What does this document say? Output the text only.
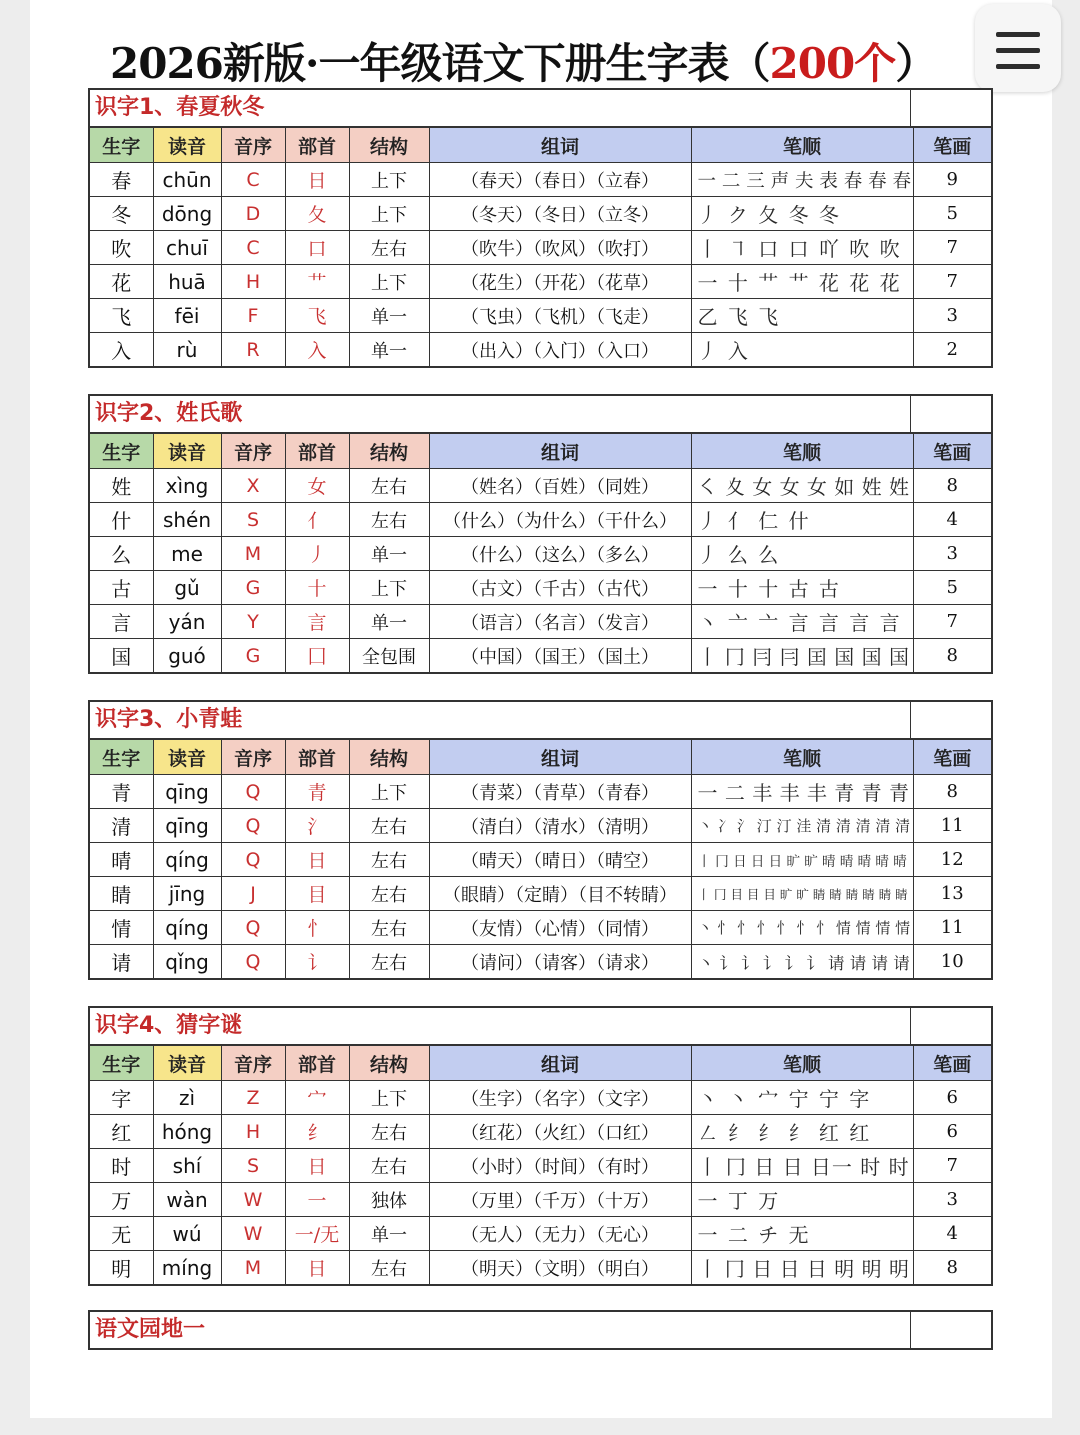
2026新版·一年级语文下册生字表（200个）
识字1、春夏秋冬
生字	读音	音序	部首	结构	组词	笔顺	笔画
春	chūn	C	日	上下	（春天）（春日）（立春）	一 二 三 声 夫 表 春 春 春	9
冬	dōng	D	夂	上下	（冬天）（冬日）（立冬）	丿 ク 夂 冬 冬	5
吹	chuī	C	口	左右	（吹牛）（吹风）（吹打）	丨 ㇕ 口 口 吖 吹 吹	7
花	huā	H	艹	上下	（花生）（开花）（花草）	一 十 艹 艹 花 花 花	7
飞	fēi	F	飞	单一	（飞虫）（飞机）（飞走）	乙 飞 飞	3
入	rù	R	入	单一	（出入）（入门）（入口）	丿 入	2
识字2、姓氏歌
生字	读音	音序	部首	结构	组词	笔顺	笔画
姓	xìng	X	女	左右	（姓名）（百姓）（同姓）	㇛ 夊 女 女 女 如 姓 姓	8
什	shén	S	亻	左右	（什么）（为什么）（干什么）	丿 亻 仁 什	4
么	me	M	丿	单一	（什么）（这么）（多么）	丿 么 么	3
古	gǔ	G	十	上下	（古文）（千古）（古代）	一 十 十 古 古	5
言	yán	Y	言	单一	（语言）（名言）（发言）	丶 亠 亠 言 言 言 言	7
国	guó	G	囗	全包围	（中国）（国王）（国土）	丨 冂 冃 冃 囯 国 国 国	8
识字3、小青蛙
生字	读音	音序	部首	结构	组词	笔顺	笔画
青	qīng	Q	青	上下	（青菜）（青草）（青春）	一 二 丰 丰 丰 青 青 青	8
清	qīng	Q	氵	左右	（清白）（清水）（清明）	丶 冫 氵 汀 汀 洼 清 清 清 清 清	11
晴	qíng	Q	日	左右	（晴天）（晴日）（晴空）	丨 冂 日 日 日 旷 旷 晴 晴 晴 晴 晴	12
睛	jīng	J	目	左右	（眼睛）（定睛）（目不转睛）	丨 冂 目 目 目 旷 旷 睛 睛 睛 睛 睛 睛	13
情	qíng	Q	忄	左右	（友情）（心情）（同情）	丶 忄 忄 忄 忄 忄 忄 情 情 情 情	11
请	qǐng	Q	讠	左右	（请问）（请客）（请求）	丶 讠 讠 讠 讠 讠 请 请 请 请	10
识字4、猜字谜
生字	读音	音序	部首	结构	组词	笔顺	笔画
字	zì	Z	宀	上下	（生字）（名字）（文字）	丶 丶 宀 宁 宁 字	6
红	hóng	H	纟	左右	（红花）（火红）（口红）	㇜ 纟 纟 纟 红 红	6
时	shí	S	日	左右	（小时）（时间）（有时）	丨 冂 日 日 日一 时 时	7
万	wàn	W	一	独体	（万里）（千万）（十万）	一 丁 万	3
无	wú	W	一/无	单一	（无人）（无力）（无心）	一 二 チ 无	4
明	míng	M	日	左右	（明天）（文明）（明白）	丨 冂 日 日 日 明 明 明	8
语文园地一
